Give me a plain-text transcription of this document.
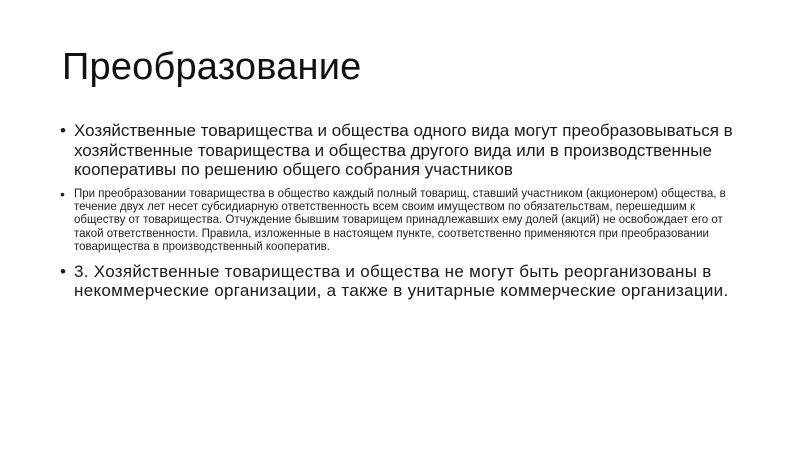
Преобразование
• Хозяйственные товарищества и общества одного вида могут преобразовываться в хозяйственные товарищества и общества другого вида или в производственные кооперативы по решению общего собрания участников
• При преобразовании товарищества в общество каждый полный товарищ, ставший участником (акционером) общества, в течение двух лет несет субсидиарную ответственность всем своим имуществом по обязательствам, перешедшим к обществу от товарищества. Отчуждение бывшим товарищем принадлежавших ему долей (акций) не освобождает его от такой ответственности. Правила, изложенные в настоящем пункте, соответственно применяются при преобразовании товарищества в производственный кооператив.
• 3. Хозяйственные товарищества и общества не могут быть реорганизованы в некоммерческие организации, а также в унитарные коммерческие организации.
